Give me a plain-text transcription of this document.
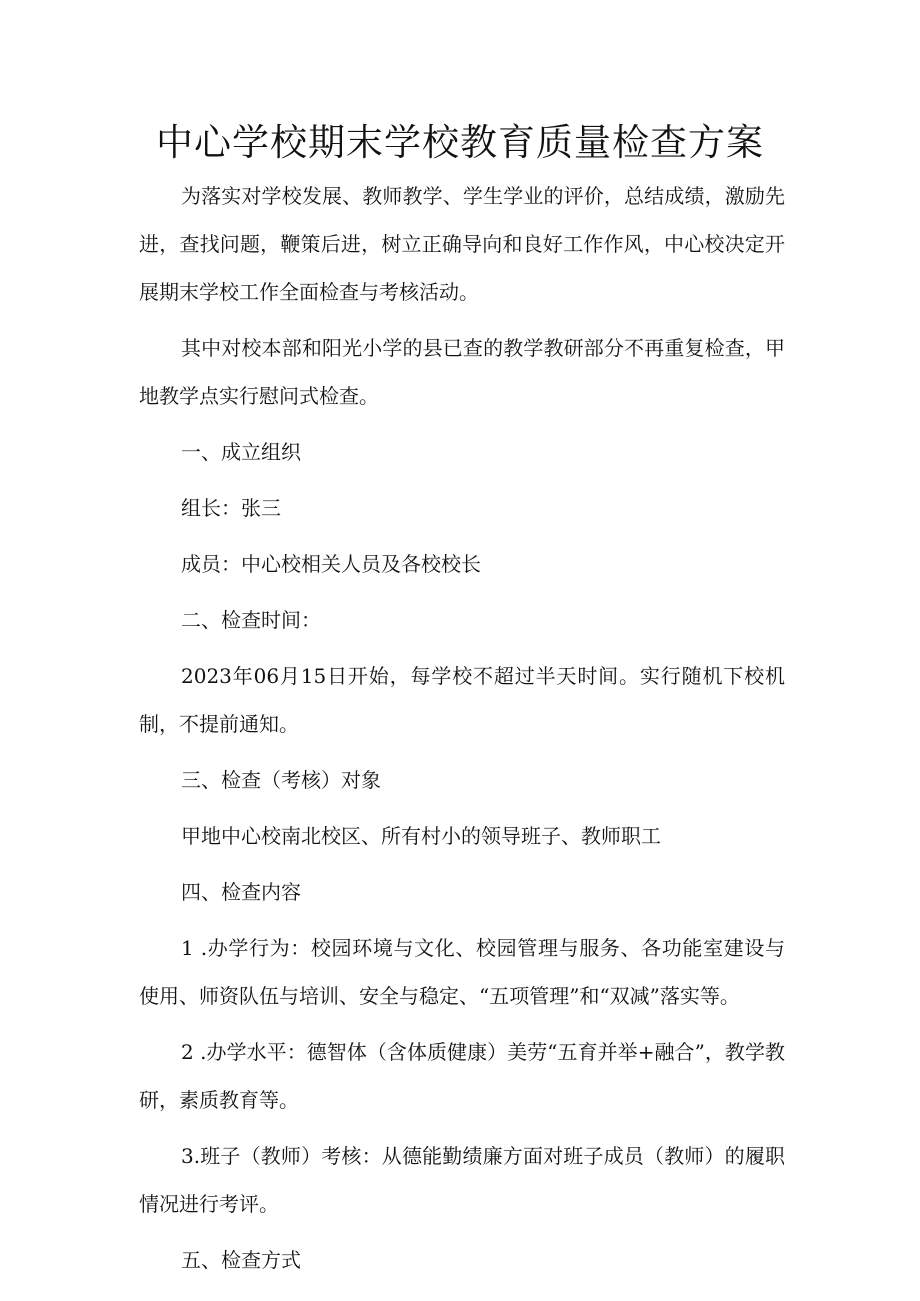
中心学校期末学校教育质量检查方案

为落实对学校发展、教师教学、学生学业的评价，总结成绩，激励先进，查找问题，鞭策后进，树立正确导向和良好工作作风，中心校决定开展期末学校工作全面检查与考核活动。

其中对校本部和阳光小学的县已查的教学教研部分不再重复检查，甲地教学点实行慰问式检查。

一、成立组织

组长：张三

成员：中心校相关人员及各校校长

二、检查时间：

2023年06月15日开始，每学校不超过半天时间。实行随机下校机制，不提前通知。

三、检查（考核）对象

甲地中心校南北校区、所有村小的领导班子、教师职工

四、检查内容

1 .办学行为：校园环境与文化、校园管理与服务、各功能室建设与使用、师资队伍与培训、安全与稳定、“五项管理”和“双减”落实等。

2 .办学水平：德智体（含体质健康）美劳“五育并举+融合”，教学教研，素质教育等。

3.班子（教师）考核：从德能勤绩廉方面对班子成员（教师）的履职情况进行考评。

五、检查方式
